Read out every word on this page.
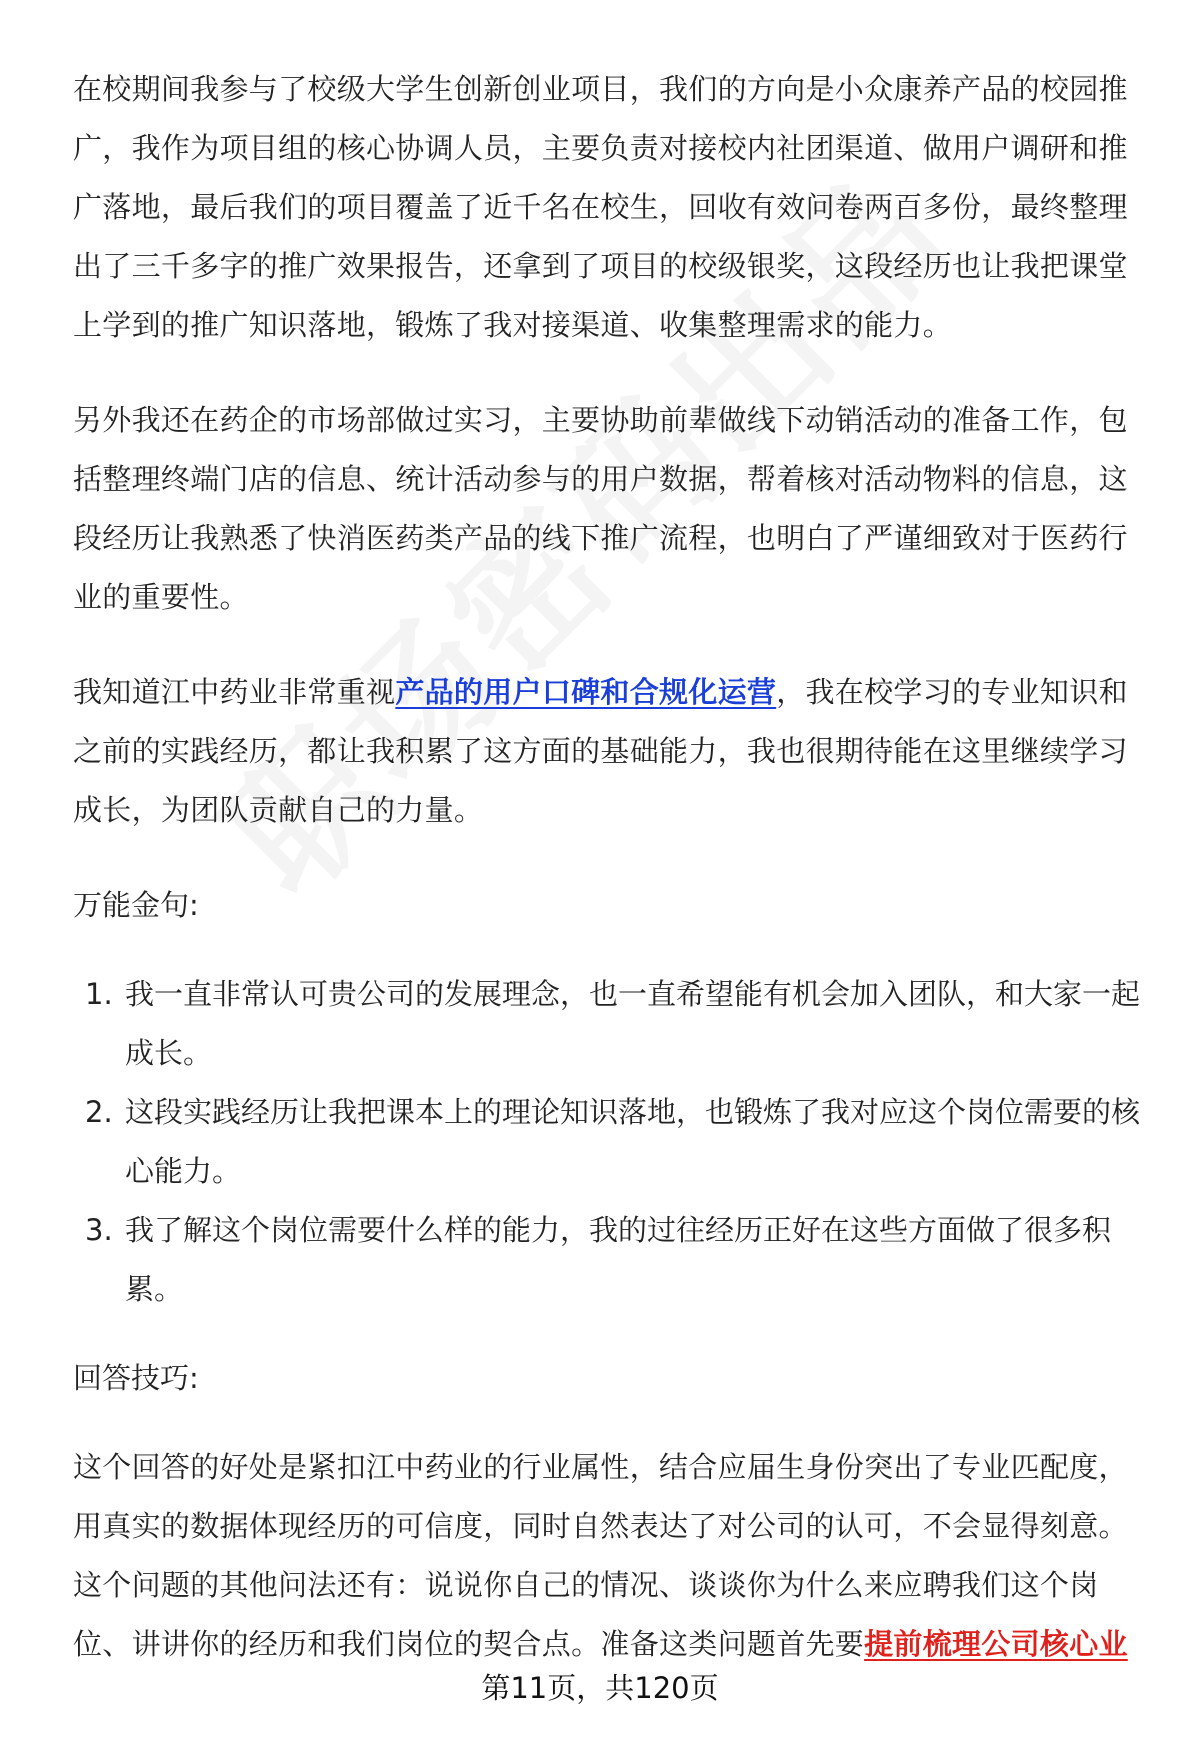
在校期间我参与了校级大学生创新创业项目，我们的方向是小众康养产品的校园推广，我作为项目组的核心协调人员，主要负责对接校内社团渠道、做用户调研和推广落地，最后我们的项目覆盖了近千名在校生，回收有效问卷两百多份，最终整理出了三千多字的推广效果报告，还拿到了项目的校级银奖，这段经历也让我把课堂上学到的推广知识落地，锻炼了我对接渠道、收集整理需求的能力。

另外我还在药企的市场部做过实习，主要协助前辈做线下动销活动的准备工作，包括整理终端门店的信息、统计活动参与的用户数据，帮着核对活动物料的信息，这段经历让我熟悉了快消医药类产品的线下推广流程，也明白了严谨细致对于医药行业的重要性。

我知道江中药业非常重视产品的用户口碑和合规化运营，我在校学习的专业知识和之前的实践经历，都让我积累了这方面的基础能力，我也很期待能在这里继续学习成长，为团队贡献自己的力量。

万能金句:

1. 我一直非常认可贵公司的发展理念，也一直希望能有机会加入团队，和大家一起成长。
2. 这段实践经历让我把课本上的理论知识落地，也锻炼了我对应这个岗位需要的核心能力。
3. 我了解这个岗位需要什么样的能力，我的过往经历正好在这些方面做了很多积累。

回答技巧:

这个回答的好处是紧扣江中药业的行业属性，结合应届生身份突出了专业匹配度，用真实的数据体现经历的可信度，同时自然表达了对公司的认可，不会显得刻意。这个问题的其他问法还有：说说你自己的情况、谈谈你为什么来应聘我们这个岗位、讲讲你的经历和我们岗位的契合点。准备这类问题首先要提前梳理公司核心业

第11页，共120页
